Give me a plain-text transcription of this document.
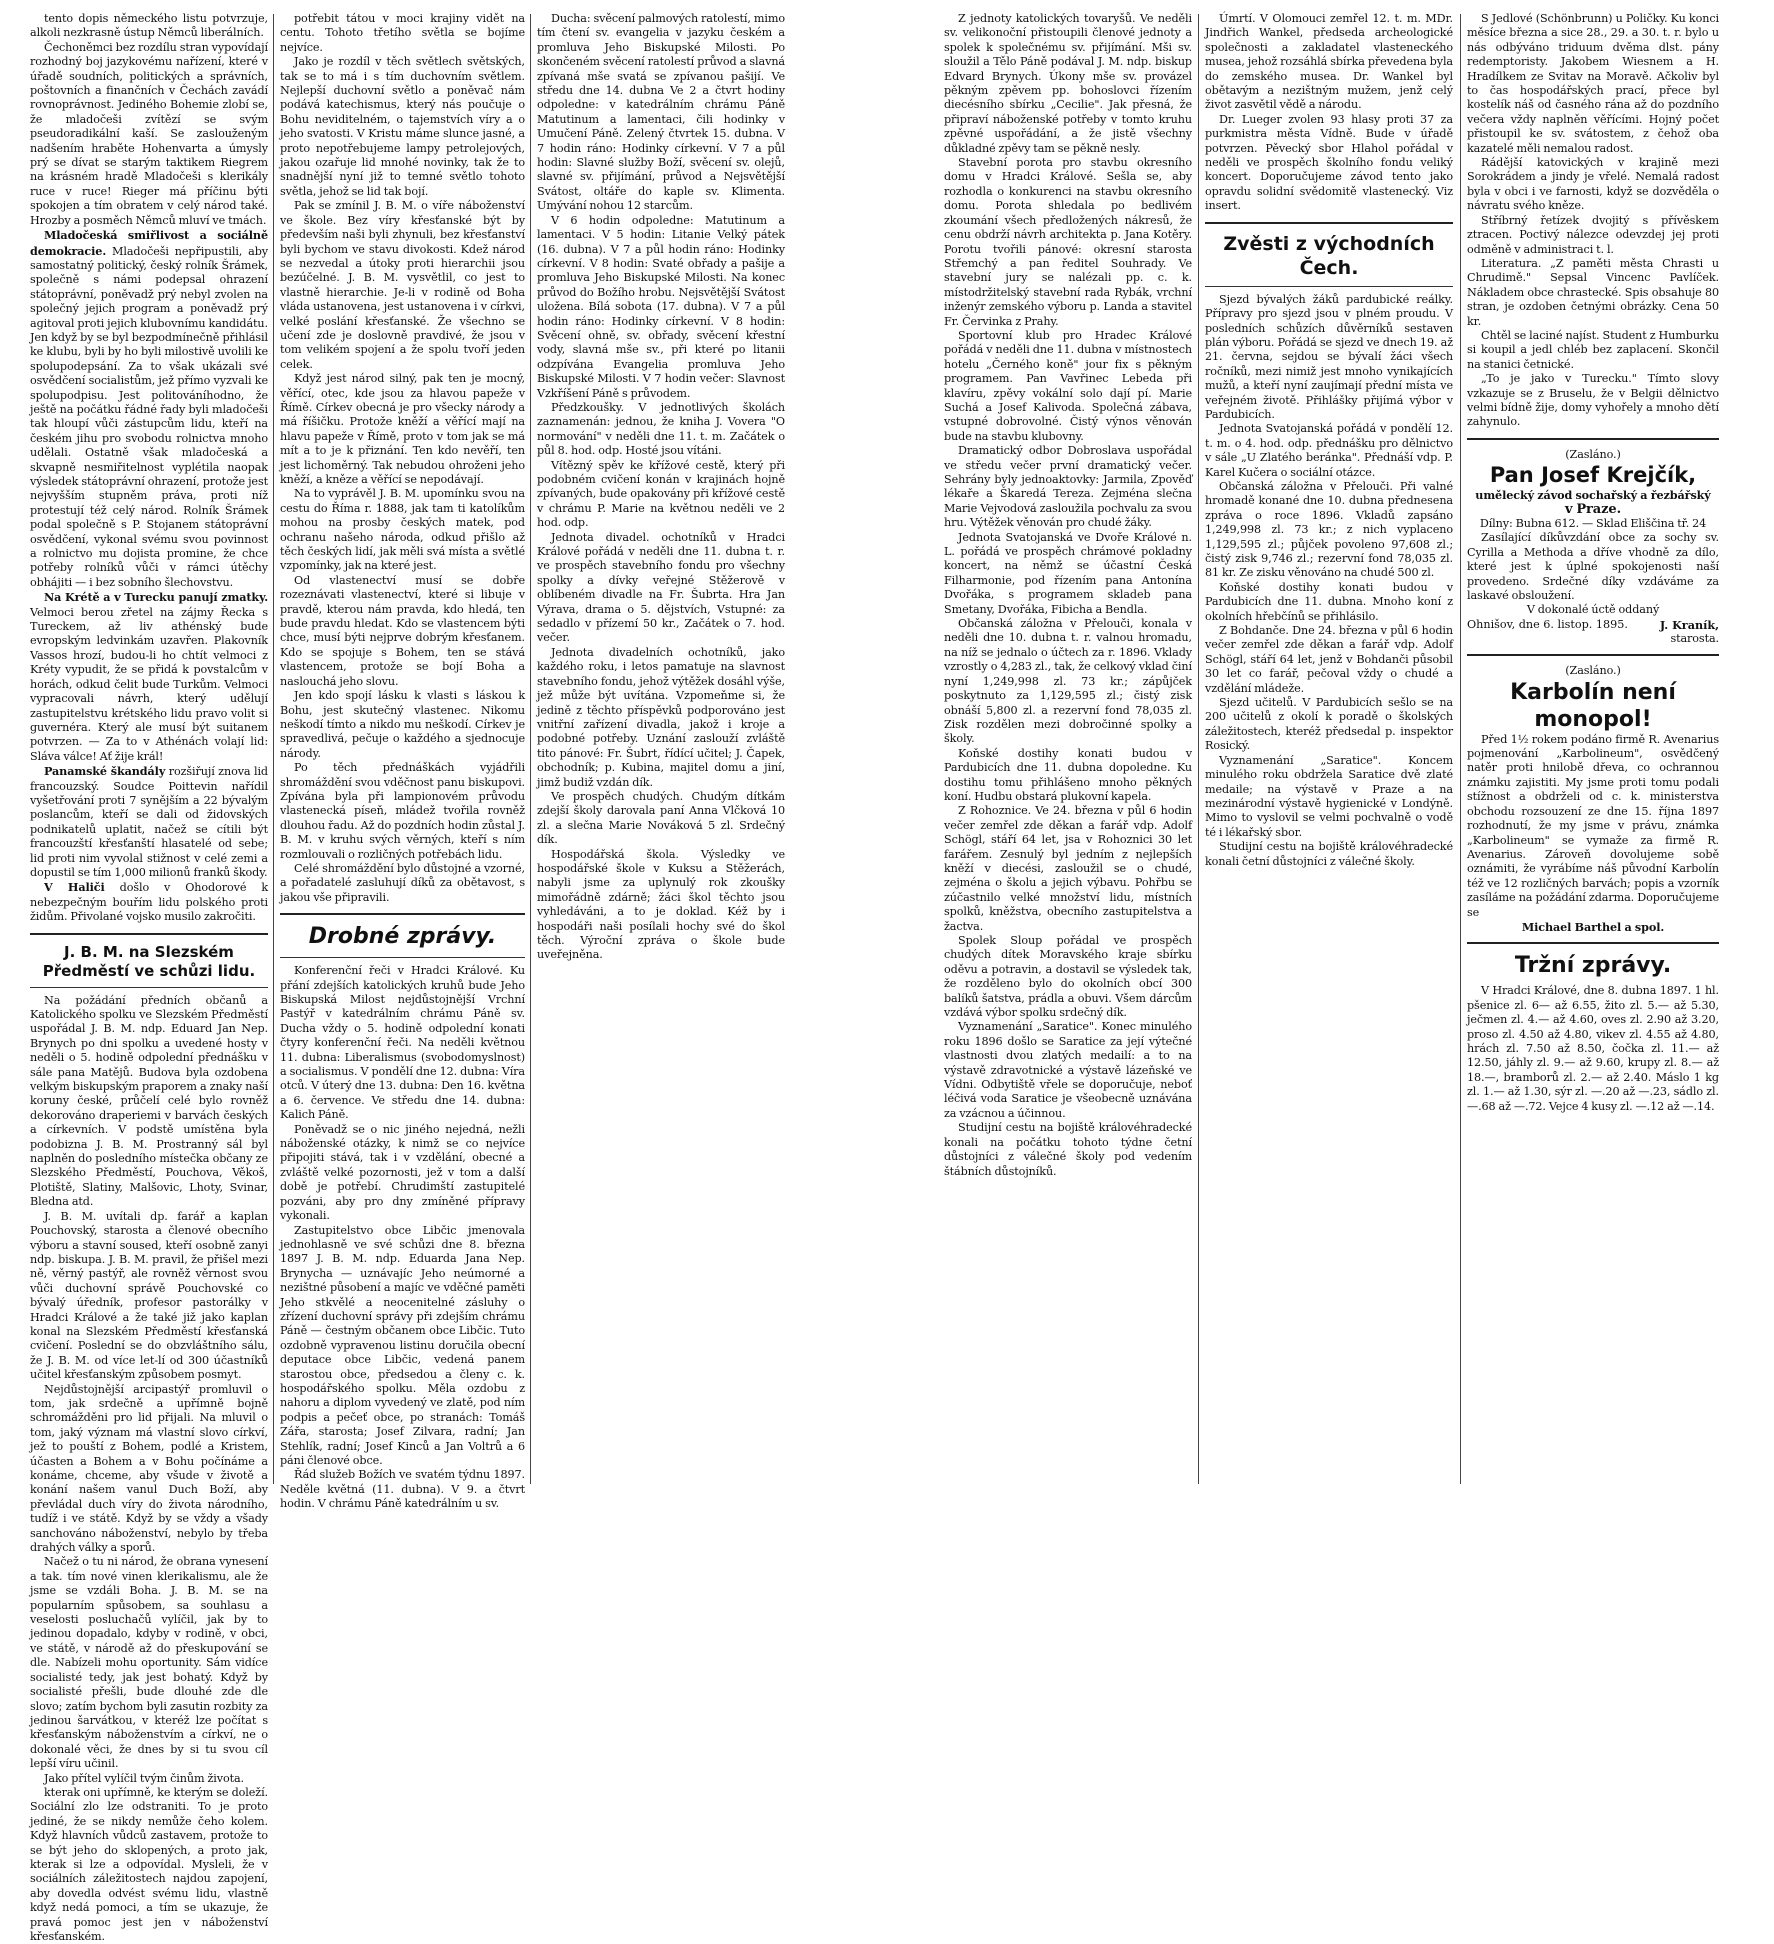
tento dopis německého listu potvrzuje, alkoli nezkrasně ústup Němců liberálních.

Čechoněmci bez rozdílu stran vypovídají rozhodný boj jazykovému nařízení, které v úřadě soudních, politických a správních, poštovních a finančních v Čechách zavádí rovnoprávnost. Jediného Bohemie zlobí se, že mladočeši zvítězí se svým pseudoradikální kaší. Se zaslouženým nadšením hraběte Hohenvarta a úmysly prý se dívat se starým taktikem Riegrem na krásném hradě Mladočeši s klerikály ruce v ruce! Rieger má příčinu býti spokojen a tím obratem v celý národ také. Hrozby a posměch Němců mluví ve tmách.

Mladočeská smiřlivost a sociálně demokracie. Mladočeši nepřipustili, aby samostatný politický, český rolník Šrámek, společně s námi podepsal ohrazení státoprávní, poněvadž prý nebyl zvolen na společný jejich program a poněvadž prý agitoval proti jejich klubovnímu kandidátu. Jen když by se byl bezpodmínečně přihlásil ke klubu, byli by ho byli milostivě uvolili ke spolupodepsání. Za to však ukázali své osvědčení socialistům, jež přímo vyzvali ke spolupodpisu. Jest politováníhodno, že ještě na počátku řádné řady byli mladočeši tak hloupí vůči zástupcům lidu, kteří na českém jihu pro svobodu rolnictva mnoho udělali. Ostatně však mladočeská a skvapně nesmiřitelnost vyplétila naopak výsledek státoprávní ohrazení, protože jest nejvyšším stupněm práva, proti níž protestují též celý národ. Rolník Šrámek podal společně s P. Stojanem státoprávní osvědčení, vykonal svému svou povinnost a rolnictvo mu dojista promine, že chce potřeby rolníků vůči v rámci útěchy obhájiti — i bez sobního šlechovstvu.

Na Krétě a v Turecku panují zmatky. Velmoci berou zřetel na zájmy Řecka s Tureckem, až liv athénský bude evropským ledvinkám uzavřen. Plakovník Vassos hrozí, budou-li ho chtít velmoci z Kréty vypudit, že se přidá k povstalcům v horách, odkud čelit bude Turkům. Velmoci vypracovali návrh, který udělují zastupitelstvu krétského lidu pravo volit si guvernéra. Který ale musí být suitanem potvrzen. — Za to v Athénách volají lid: Sláva válce! Ať žije král!

Panamské škandály rozšiřují znova lid francouzský. Soudce Poittevin nařídil vyšetřování proti 7 synějším a 22 bývalým poslancům, kteří se dali od židovských podnikatelů uplatit, načež se cítili být francouzští křesťanští hlasatelé od sebe; lid proti nim vyvolal stižnost v celé zemi a dopustil se tím 1,000 milionů franků škody.

V Haliči došlo v Ohodorové k nebezpečným bouřím lidu polského proti židům. Přivolané vojsko musilo zakročiti.

J. B. M. na Slezském Předměstí ve schůzi lidu.

Na požádání předních občanů a Katolického spolku ve Slezském Předměstí uspořádal J. B. M. ndp. Eduard Jan Nep. Brynych po dni spolku a uvedené hosty v neděli o 5. hodině odpolední přednášku v sále pana Matějů. Budova byla ozdobena velkým biskupským praporem a znaky naší koruny české, průčelí celé bylo rovněž dekorováno draperiemi v barvách českých a církevních. V podstě umístěna byla podobizna J. B. M. Prostranný sál byl naplněn do posledního místečka občany ze Slezského Předměstí, Pouchova, Věkoš, Plotiště, Slatiny, Malšovic, Lhoty, Svinar, Bledna atd.

J. B. M. uvítali dp. farář a kaplan Pouchovský, starosta a členové obecního výboru a stavní soused, kteří osobně zanyi ndp. biskupa. J. B. M. pravil, že přišel mezi ně, věrný pastýř, ale rovněž věrnost svou vůči duchovní správě Pouchovské co bývalý úředník, profesor pastorálky v Hradci Králové a že také již jako kaplan konal na Slezském Předměstí křesťanská cvičení. Poslední se do obzvláštního sálu, že J. B. M. od více let-lí od 300 účastníků učitel křesťanským způsobem posmyt.

Nejdůstojnější arcipastýř promluvil o tom, jak srdečně a upřímně bojně schromážděni pro lid přijali. Na mluvil o tom, jaký význam má vlastní slovo církví, jež to pouští z Bohem, podlé a Kristem, účasten a Bohem a v Bohu počínáme a konáme, chceme, aby všude v životě a konání našem vanul Duch Boží, aby převládal duch víry do života národního, tudíž i ve státě. Když by se vždy a všady sanchováno náboženství, nebylo by třeba drahých války a sporů.

Načež o tu ni národ, že obrana vynesení a tak. tím nové vinen klerikalismu, ale že jsme se vzdáli Boha. J. B. M. se na popularním spůsobem, sa souhlasu a veselosti posluchačů vylíčil, jak by to jedinou dopadalo, kdyby v rodině, v obci, ve státě, v národě až do přeskupování se dle. Nabízeli mohu oportunity. Sám vidíce socialisté tedy, jak jest bohatý. Když by socialisté přešli, bude dlouhé zde dle slovo; zatím bychom byli zasutin rozbity za jedinou šarvátkou, v kteréž lze počítat s křesťanským náboženstvím a církví, ne o dokonalé věci, že dnes by si tu svou cíl lepší víru učinil.

Jako přítel vylíčil tvým činům života.

kterak oni upřímně, ke kterým se doleží. Sociální zlo lze odstraniti. To je proto jediné, že se nikdy nemůže čeho kolem. Když hlavních vůdců zastavem, protože to se být jeho do sklopených, a proto jak, kterak si lze a odpovídal. Mysleli, že v sociálních záležitostech najdou zapojení, aby dovedla odvést svému lidu, vlastně když nedá pomoci, a tím se ukazuje, že pravá pomoc jest jen v náboženství křesťanském.

potřebit tátou v moci krajiny vidět na centu. Tohoto třetího světla se bojíme nejvíce.

Jako je rozdíl v těch světlech světských, tak se to má i s tím duchovním světlem. Nejlepší duchovní světlo a poněvač nám podává katechismus, který nás poučuje o Bohu neviditelném, o tajemstvích víry a o jeho svatosti. V Kristu máme slunce jasné, a proto nepotřebujeme lampy petrolejových, jakou ozařuje lid mnohé novinky, tak že to snadnější nyní již to temné světlo tohoto světla, jehož se lid tak bojí.

Pak se zmínil J. B. M. o víře náboženství ve škole. Bez víry křesťanské být by především naši byli zhynuli, bez křesťanství byli bychom ve stavu divokosti. Kdež národ se nezvedal a útoky proti hierarchii jsou bezúčelné. J. B. M. vysvětlil, co jest to vlastně hierarchie. Je-li v rodině od Boha vláda ustanovena, jest ustanovena i v církvi, velké poslání křesťanské. Že všechno se učení zde je doslovně pravdivé, že jsou v tom velikém spojení a že spolu tvoří jeden celek.

Když jest národ silný, pak ten je mocný, věřící, otec, kde jsou za hlavou papeže v Římě. Církev obecná je pro všecky národy a má říšičku. Protože kněží a věřící mají na hlavu papeže v Římě, proto v tom jak se má mít a to je k přiznání. Ten kdo nevěří, ten jest lichoměrný. Tak nebudou ohroženi jeho kněží, a kněze a věřící se nepodávají.

Na to vyprávěl J. B. M. upomínku svou na cestu do Říma r. 1888, jak tam ti katolíkům mohou na prosby českých matek, pod ochranu našeho národa, odkud přišlo až těch českých lidí, jak měli svá místa a světlé vzpomínky, jak na které jest.

Od vlastenectví musí se dobře rozeznávati vlastenectví, které si libuje v pravdě, kterou nám pravda, kdo hledá, ten bude pravdu hledat. Kdo se vlastencem býti chce, musí býti nejprve dobrým křesťanem. Kdo se spojuje s Bohem, ten se stává vlastencem, protože se bojí Boha a naslouchá jeho slovu.

Jen kdo spojí lásku k vlasti s láskou k Bohu, jest skutečný vlastenec. Nikomu neškodí tímto a nikdo mu neškodí. Církev je spravedlivá, pečuje o každého a sjednocuje národy.

Po těch přednáškách vyjádřili shromáždění svou vděčnost panu biskupovi. Zpívána byla při lampionovém průvodu vlastenecká píseň, mládež tvořila rovněž dlouhou řadu. Až do pozdních hodin zůstal J. B. M. v kruhu svých věrných, kteří s ním rozmlouvali o rozličných potřebách lidu.

Celé shromáždění bylo důstojné a vzorné, a pořadatelé zasluhují díků za obětavost, s jakou vše připravili.

Drobné zprávy.

Konferenční řeči v Hradci Králové. Ku přání zdejších katolických kruhů bude Jeho Biskupská Milost nejdůstojnější Vrchní Pastýř v katedrálním chrámu Páně sv. Ducha vždy o 5. hodině odpolední konati čtyry konferenční řeči. Na neděli květnou 11. dubna: Liberalismus (svobodomyslnost) a socialismus. V pondělí dne 12. dubna: Víra otců. V úterý dne 13. dubna: Den 16. května a 6. července. Ve středu dne 14. dubna: Kalich Páně.

Poněvadž se o nic jiného nejedná, nežli náboženské otázky, k nimž se co nejvíce připojiti stává, tak i v vzdělání, obecné a zvláště velké pozornosti, jež v tom a další době je potřebí. Chrudimští zastupitelé pozváni, aby pro dny zmíněné přípravy vykonali.

Zastupitelstvo obce Libčic jmenovala jednohlasně ve své schůzi dne 8. března 1897 J. B. M. ndp. Eduarda Jana Nep. Brynycha — uznávajíc Jeho neúmorné a nezištné působení a majíc ve vděčné paměti Jeho stkvělé a neocenitelné zásluhy o zřízení duchovní správy při zdejším chrámu Páně — čestným občanem obce Libčic. Tuto ozdobně vypravenou listinu doručila obecní deputace obce Libčic, vedená panem starostou obce, předsedou a členy c. k. hospodářského spolku. Měla ozdobu z nahoru a diplom vyvedený ve zlatě, pod ním podpis a pečeť obce, po stranách: Tomáš Zářa, starosta; Josef Zilvara, radní; Jan Stehlík, radní; Josef Kinců a Jan Voltrů a 6 páni členové obce.

Řád služeb Božích ve svatém týdnu 1897. Neděle květná (11. dubna). V 9. a čtvrt hodin. V chrámu Páně katedrálním u sv.

Ducha: svěcení palmových ratolestí, mimo tím čtení sv. evangelia v jazyku českém a promluva Jeho Biskupské Milosti. Po skončeném svěcení ratolestí průvod a slavná zpívaná mše svatá se zpívanou pašijí. Ve středu dne 14. dubna Ve 2 a čtvrt hodiny odpoledne: v katedrálním chrámu Páně Matutinum a lamentaci, čili hodinky v Umučení Páně. Zelený čtvrtek 15. dubna. V 7 hodin ráno: Hodinky církevní. V 7 a půl hodin: Slavné služby Boží, svěcení sv. olejů, slavné sv. přijímání, průvod a Nejsvětější Svátost, oltáře do kaple sv. Klimenta. Umývání nohou 12 starcům.

V 6 hodin odpoledne: Matutinum a lamentaci. V 5 hodin: Litanie Velký pátek (16. dubna). V 7 a půl hodin ráno: Hodinky církevní. V 8 hodin: Svaté obřady a pašije a promluva Jeho Biskupské Milosti. Na konec průvod do Božího hrobu. Nejsvětější Svátost uložena. Bílá sobota (17. dubna). V 7 a půl hodin ráno: Hodinky církevní. V 8 hodin: Svěcení ohně, sv. obřady, svěcení křestní vody, slavná mše sv., při které po litanii odzpívána Evangelia promluva Jeho Biskupské Milosti. V 7 hodin večer: Slavnost Vzkříšení Páně s průvodem.

Předzkoušky. V jednotlivých školách zaznamenán: jednou, že kniha J. Vovera "O normování" v neděli dne 11. t. m. Začátek o půl 8. hod. odp. Hosté jsou vítáni.

Vítězný spěv ke křížové cestě, který při podobném cvičení konán v krajinách hojně zpívaných, bude opakovány při křížové cestě v chrámu P. Marie na květnou neděli ve 2 hod. odp.

Jednota divadel. ochotníků v Hradci Králové pořádá v neděli dne 11. dubna t. r. ve prospěch stavebního fondu pro všechny spolky a dívky veřejné Stěžerově v oblíbeném divadle na Fr. Šubrta. Hra Jan Výrava, drama o 5. dějstvích, Vstupné: za sedadlo v přízemí 50 kr., Začátek o 7. hod. večer.

Jednota divadelních ochotníků, jako každého roku, i letos pamatuje na slavnost stavebního fondu, jehož výtěžek dosáhl výše, jež může být uvítána. Vzpomeňme si, že jedině z těchto příspěvků podporováno jest vnitřní zařízení divadla, jakož i kroje a podobné potřeby. Uznání zaslouží zvláště tito pánové: Fr. Šubrt, řídící učitel; J. Čapek, obchodník; p. Kubina, majitel domu a jiní, jimž budiž vzdán dík.

Ve prospěch chudých. Chudým dítkám zdejší školy darovala paní Anna Vlčková 10 zl. a slečna Marie Nováková 5 zl. Srdečný dík.

Hospodářská škola. Výsledky ve hospodářské škole v Kuksu a Stěžerách, nabyli jsme za uplynulý rok zkoušky mimořádně zdárně; žáci škol těchto jsou vyhledáváni, a to je doklad. Kéž by i hospodáři naši posílali hochy své do škol těch. Výroční zpráva o škole bude uveřejněna.

Z jednoty katolických tovaryšů. Ve neděli sv. velikonoční přistoupili členové jednoty a spolek k společnému sv. přijímání. Mši sv. sloužil a Tělo Páně podával J. M. ndp. biskup Edvard Brynych. Úkony mše sv. provázel pěkným zpěvem pp. bohoslovci řízením diecésního sbírku „Cecilie". Jak přesná, že připraví náboženské potřeby v tomto kruhu zpěvné uspořádání, a že jistě všechny důkladné zpěvy tam se pěkně nesly.

Stavební porota pro stavbu okresního domu v Hradci Králové. Sešla se, aby rozhodla o konkurenci na stavbu okresního domu. Porota shledala po bedlivém zkoumání všech předložených nákresů, že cenu obdrží návrh architekta p. Jana Kotěry. Porotu tvořili pánové: okresní starosta Střemchý a pan ředitel Souhrady. Ve stavební jury se nalézali pp. c. k. místodržitelský stavební rada Rybák, vrchní inženýr zemského výboru p. Landa a stavitel Fr. Červinka z Prahy.

Sportovní klub pro Hradec Králové pořádá v neděli dne 11. dubna v místnostech hotelu „Černého koně" jour fix s pěkným programem. Pan Vavřinec Lebeda při klavíru, zpěvy vokální solo dají pí. Marie Suchá a Josef Kalivoda. Společná zábava, vstupné dobrovolné. Čistý výnos věnován bude na stavbu klubovny.

Dramatický odbor Dobroslava uspořádal ve středu večer první dramatický večer. Sehrány byly jednoaktovky: Jarmila, Zpověď lékaře a Škaredá Tereza. Zejména slečna Marie Vejvodová zasloužila pochvalu za svou hru. Výtěžek věnován pro chudé žáky.

Jednota Svatojanská ve Dvoře Králové n. L. pořádá ve prospěch chrámové pokladny koncert, na němž se účastní Česká Filharmonie, pod řízením pana Antonína Dvořáka, s programem skladeb pana Smetany, Dvořáka, Fibicha a Bendla.

Občanská záložna v Přelouči, konala v neděli dne 10. dubna t. r. valnou hromadu, na níž se jednalo o účtech za r. 1896. Vklady vzrostly o 4,283 zl., tak, že celkový vklad činí nyní 1,249,998 zl. 73 kr.; zápůjček poskytnuto za 1,129,595 zl.; čistý zisk obnáší 5,800 zl. a rezervní fond 78,035 zl. Zisk rozdělen mezi dobročinné spolky a školy.

Koňské dostihy konati budou v Pardubicích dne 11. dubna dopoledne. Ku dostihu tomu přihlášeno mnoho pěkných koní. Hudbu obstará plukovní kapela.

Z Rohoznice. Ve 24. března v půl 6 hodin večer zemřel zde děkan a farář vdp. Adolf Schögl, stáří 64 let, jsa v Rohoznici 30 let farářem. Zesnulý byl jedním z nejlepších kněží v diecési, zasloužil se o chudé, zejména o školu a jejich výbavu. Pohřbu se zúčastnilo velké množství lidu, místních spolků, kněžstva, obecního zastupitelstva a žactva.

Spolek Sloup pořádal ve prospěch chudých dítek Moravského kraje sbírku oděvu a potravin, a dostavil se výsledek tak, že rozděleno bylo do okolních obcí 300 balíků šatstva, prádla a obuvi. Všem dárcům vzdává výbor spolku srdečný dík.

Vyznamenání „Saratice". Konec minulého roku 1896 došlo se Saratice za její výtečné vlastnosti dvou zlatých medailí: a to na výstavě zdravotnické a výstavě lázeňské ve Vídni. Odbytiště vřele se doporučuje, neboť léčivá voda Saratice je všeobecně uznávána za vzácnou a účinnou.

Studijní cestu na bojiště královéhradecké konali na počátku tohoto týdne četní důstojníci z válečné školy pod vedením štábních důstojníků.

Úmrtí. V Olomouci zemřel 12. t. m. MDr. Jindřich Wankel, předseda archeologické společnosti a zakladatel vlasteneckého musea, jehož rozsáhlá sbírka převedena byla do zemského musea. Dr. Wankel byl obětavým a nezištným mužem, jenž celý život zasvětil vědě a národu.

Dr. Lueger zvolen 93 hlasy proti 37 za purkmistra města Vídně. Bude v úřadě potvrzen. Pěvecký sbor Hlahol pořádal v neděli ve prospěch školního fondu veliký koncert. Doporučujeme závod tento jako opravdu solidní svědomitě vlastenecký. Viz insert.

Zvěsti z východních Čech.

Sjezd bývalých žáků pardubické reálky. Přípravy pro sjezd jsou v plném proudu. V posledních schůzích důvěrníků sestaven plán výboru. Pořádá se sjezd ve dnech 19. až 21. června, sejdou se bývalí žáci všech ročníků, mezi nimiž jest mnoho vynikajících mužů, a kteří nyní zaujímají přední místa ve veřejném životě. Přihlášky přijímá výbor v Pardubicích.

Jednota Svatojanská pořádá v pondělí 12. t. m. o 4. hod. odp. přednášku pro dělnictvo v sále „U Zlatého beránka". Přednáší vdp. P. Karel Kučera o sociální otázce.

Občanská záložna v Přelouči. Při valné hromadě konané dne 10. dubna přednesena zpráva o roce 1896. Vkladů zapsáno 1,249,998 zl. 73 kr.; z nich vyplaceno 1,129,595 zl.; půjček povoleno 97,608 zl.; čistý zisk 9,746 zl.; rezervní fond 78,035 zl. 81 kr. Ze zisku věnováno na chudé 500 zl.

Koňské dostihy konati budou v Pardubicích dne 11. dubna. Mnoho koní z okolních hřebčínů se přihlásilo.

Z Bohdanče. Dne 24. března v půl 6 hodin večer zemřel zde děkan a farář vdp. Adolf Schögl, stáří 64 let, jenž v Bohdanči působil 30 let co farář, pečoval vždy o chudé a vzdělání mládeže.

Sjezd učitelů. V Pardubicích sešlo se na 200 učitelů z okolí k poradě o školských záležitostech, kteréž předsedal p. inspektor Rosický.

Vyznamenání „Saratice". Koncem minulého roku obdržela Saratice dvě zlaté medaile; na výstavě v Praze a na mezinárodní výstavě hygienické v Londýně. Mimo to vyslovil se velmi pochvalně o vodě té i lékařský sbor.

Studijní cestu na bojiště královéhradecké konali četní důstojníci z válečné školy.

S Jedlové (Schönbrunn) u Poličky. Ku konci měsíce března a sice 28., 29. a 30. t. r. bylo u nás odbýváno triduum dvěma dlst. pány redemptoristy. Jakobem Wiesnem a H. Hradílkem ze Svitav na Moravě. Ačkoliv byl to čas hospodářských prací, přece byl kostelík náš od časného rána až do pozdního večera vždy naplněn věřícími. Hojný počet přistoupil ke sv. svátostem, z čehož oba kazatelé měli nemalou radost.

Rádější katovických v krajině mezi Sorokrádem a jindy je vřelé. Nemalá radost byla v obci i ve farnosti, když se dozvěděla o návratu svého kněze.

Stříbrný řetízek dvojitý s přívěskem ztracen. Poctivý nálezce odevzdej jej proti odměně v administraci t. l.

Literatura. „Z paměti města Chrasti u Chrudimě." Sepsal Vincenc Pavlíček. Nákladem obce chrastecké. Spis obsahuje 80 stran, je ozdoben četnými obrázky. Cena 50 kr.

Chtěl se laciné najíst. Student z Humburku si koupil a jedl chléb bez zaplacení. Skončil na stanici četnické.

„To je jako v Turecku." Tímto slovy vzkazuje se z Bruselu, že v Belgii dělnictvo velmi bídně žije, domy vyhořely a mnoho dětí zahynulo.

(Zasláno.)
Pan Josef Krejčík,
umělecký závod sochařský a řezbářský
v Praze.
Dílny: Bubna 612. — Sklad Eliščina tř. 24

Zasílající díkůvzdání obce za sochy sv. Cyrilla a Methoda a dříve vhodně za dílo, které jest k úplné spokojenosti naší provedeno. Srdečné díky vzdáváme za laskavé obsloužení.

V dokonalé úctě oddaný
Ohnišov, dne 6. listop. 1895.	J. Kraník,
starosta.
(Zasláno.)
Karbolín není monopol!

Před 1½ rokem podáno firmě R. Avenarius pojmenování „Karbolineum", osvědčený natěr proti hnilobě dřeva, co ochrannou známku zajistiti. My jsme proti tomu podali stížnost a obdrželi od c. k. ministerstva obchodu rozsouzení ze dne 15. října 1897 rozhodnutí, že my jsme v právu, známka „Karbolineum" se vymaže za firmě R. Avenarius. Zároveň dovolujeme sobě oznámiti, že vyrábíme náš původní Karbolín též ve 12 rozličných barvách; popis a vzorník zasíláme na požádání zdarma. Doporučujeme se

Michael Barthel a spol.
Tržní zprávy.

V Hradci Králové, dne 8. dubna 1897. 1 hl. pšenice zl. 6— až 6.55, žito zl. 5.— až 5.30, ječmen zl. 4.— až 4.60, oves zl. 2.90 až 3.20, proso zl. 4.50 až 4.80, vikev zl. 4.55 až 4.80, hrách zl. 7.50 až 8.50, čočka zl. 11.— až 12.50, jáhly zl. 9.— až 9.60, krupy zl. 8.— až 18.—, bramborů zl. 2.— až 2.40. Máslo 1 kg zl. 1.— až 1.30, sýr zl. —.20 až —.23, sádlo zl. —.68 až —.72. Vejce 4 kusy zl. —.12 až —.14.
